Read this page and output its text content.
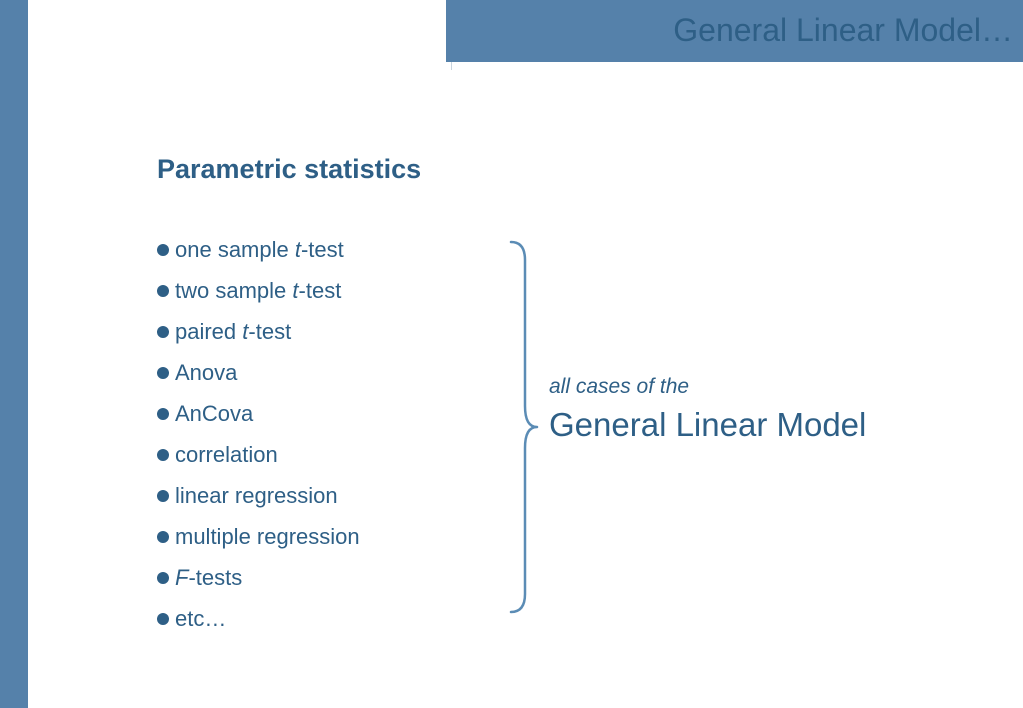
General Linear Model…
Parametric statistics
one sample t-test
two sample t-test
paired t-test
Anova
AnCova
correlation
linear regression
multiple regression
F-tests
etc…
all cases of the
General Linear Model
